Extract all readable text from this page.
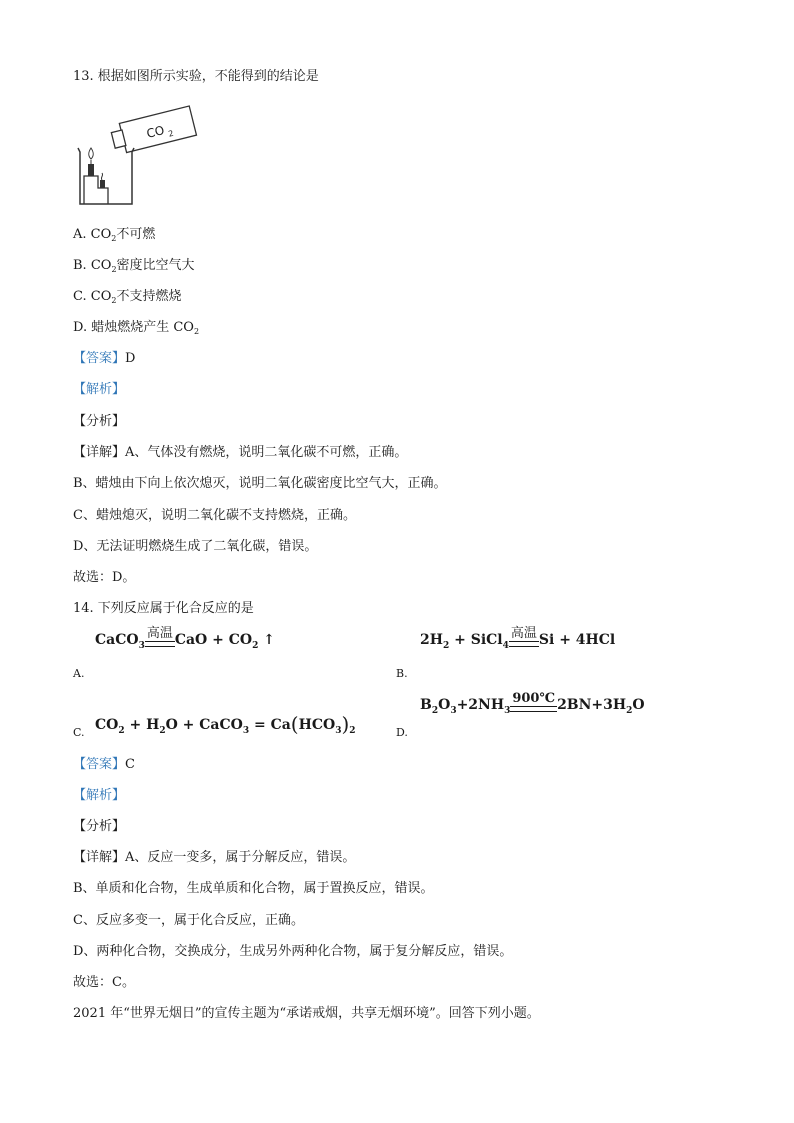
13. 根据如图所示实验，不能得到的结论是
CO 2
A. $CO_2$不可燃
B. $CO_2$密度比空气大
C. $CO_2$不支持燃烧
D. 蜡烛燃烧产生 $CO_2$
【答案】D
【解析】
【分析】
【详解】A、气体没有燃烧，说明二氧化碳不可燃，正确。
B、蜡烛由下向上依次熄灭，说明二氧化碳密度比空气大，正确。
C、蜡烛熄灭，说明二氧化碳不支持燃烧，正确。
D、无法证明燃烧生成了二氧化碳，错误。
故选：D。
14. 下列反应属于化合反应的是
CaCO$_3$
高温 CaO + $CO_2$ ↑
A.
$2H_2$ + SiCl$_4$
高温 Si + 4HCl
B.
$CO_2 + H_2O$ + CaCO$_3$ = $Ca(HCO_3)_2$
C.
$B_2O_3+2NH_3$
900℃ $2BN+3H_2O$
D.
【答案】C
【解析】
【分析】
【详解】A、反应一变多，属于分解反应，错误。
B、单质和化合物，生成单质和化合物，属于置换反应，错误。
C、反应多变一，属于化合反应，正确。
D、两种化合物，交换成分，生成另外两种化合物，属于复分解反应，错误。
故选：C。
2021 年“世界无烟日”的宣传主题为“承诺戒烟，共享无烟环境”。回答下列小题。
